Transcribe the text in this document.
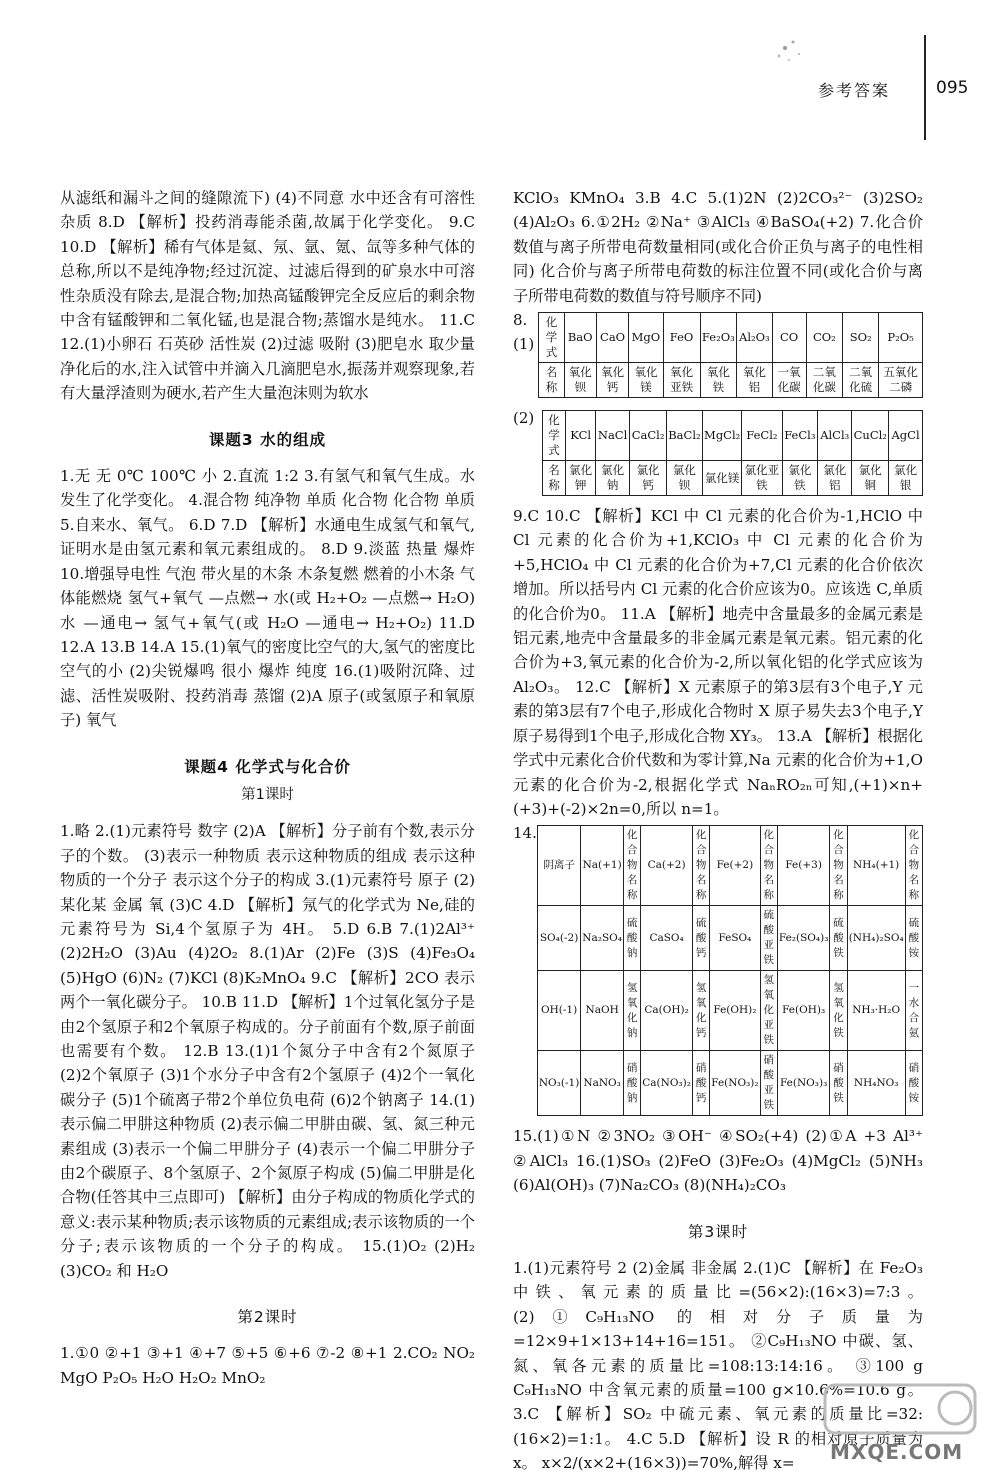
参考答案	095

从滤纸和漏斗之间的缝隙流下) (4)不同意 水中还含有可溶性杂质 8.D 【解析】投药消毒能杀菌,故属于化学变化。 9.C 10.D 【解析】稀有气体是氦、氖、氩、氪、氙等多种气体的总称,所以不是纯净物;经过沉淀、过滤后得到的矿泉水中可溶性杂质没有除去,是混合物;加热高锰酸钾完全反应后的剩余物中含有锰酸钾和二氧化锰,也是混合物;蒸馏水是纯水。 11.C 12.(1)小卵石 石英砂 活性炭 (2)过滤 吸附 (3)肥皂水 取少量净化后的水,注入试管中并滴入几滴肥皂水,振荡并观察现象,若有大量浮渣则为硬水,若产生大量泡沫则为软水

课题3 水的组成

1.无 无 0℃ 100℃ 小 2.直流 1:2 3.有氢气和氧气生成。水发生了化学变化。 4.混合物 纯净物 单质 化合物 化合物 单质 5.自来水、氧气。 6.D 7.D 【解析】水通电生成氢气和氧气,证明水是由氢元素和氧元素组成的。 8.D 9.淡蓝 热量 爆炸 10.增强导电性 气泡 带火星的木条 木条复燃 燃着的小木条 气体能燃烧 氢气+氧气 —点燃→ 水(或 H₂+O₂ —点燃→ H₂O) 水 —通电→ 氢气+氧气(或 H₂O —通电→ H₂+O₂) 11.D 12.A 13.B 14.A 15.(1)氧气的密度比空气的大,氢气的密度比空气的小 (2)尖锐爆鸣 很小 爆炸 纯度 16.(1)吸附沉降、过滤、活性炭吸附、投药消毒 蒸馏 (2)A 原子(或氢原子和氧原子) 氧气

课题4 化学式与化合价
第1课时

1.略 2.(1)元素符号 数字 (2)A 【解析】分子前有个数,表示分子的个数。 (3)表示一种物质 表示这种物质的组成 表示这种物质的一个分子 表示这个分子的构成 3.(1)元素符号 原子 (2)某化某 金属 氧 (3)C 4.D 【解析】氖气的化学式为 Ne,硅的元素符号为 Si,4个氢原子为 4H。 5.D 6.B 7.(1)2Al³⁺ (2)2H₂O (3)Au (4)2O₂ 8.(1)Ar (2)Fe (3)S (4)Fe₃O₄ (5)HgO (6)N₂ (7)KCl (8)K₂MnO₄ 9.C 【解析】2CO 表示两个一氧化碳分子。 10.B 11.D 【解析】1个过氧化氢分子是由2个氢原子和2个氧原子构成的。分子前面有个数,原子前面也需要有个数。 12.B 13.(1)1个氮分子中含有2个氮原子 (2)2个氧原子 (3)1个水分子中含有2个氢原子 (4)2个一氧化碳分子 (5)1个硫离子带2个单位负电荷 (6)2个钠离子 14.(1)表示偏二甲肼这种物质 (2)表示偏二甲肼由碳、氢、氮三种元素组成 (3)表示一个偏二甲肼分子 (4)表示一个偏二甲肼分子由2个碳原子、8个氢原子、2个氮原子构成 (5)偏二甲肼是化合物(任答其中三点即可) 【解析】由分子构成的物质化学式的意义:表示某种物质;表示该物质的元素组成;表示该物质的一个分子;表示该物质的一个分子的构成。 15.(1)O₂ (2)H₂ (3)CO₂ 和 H₂O

第2课时

1.①0 ②+1 ③+1 ④+7 ⑤+5 ⑥+6 ⑦-2 ⑧+1 2.CO₂ NO₂ MgO P₂O₅ H₂O H₂O₂ MnO₂

KClO₃ KMnO₄ 3.B 4.C 5.(1)2N (2)2CO₃²⁻ (3)2SO₂ (4)Al₂O₃ 6.①2H₂ ②Na⁺ ③AlCl₃ ④BaSO₄(+2) 7.化合价数值与离子所带电荷数量相同(或化合价正负与离子的电性相同) 化合价与离子所带电荷数的标注位置不同(或化合价与离子所带电荷数的数值与符号顺序不同)

8.(1)
化学式	BaO	CaO	MgO	FeO	Fe₂O₃	Al₂O₃	CO	CO₂	SO₂	P₂O₅
名称	氧化钡	氧化钙	氧化镁	氧化亚铁	氧化铁	氧化铝	一氧化碳	二氧化碳	二氧化硫	五氧化二磷
(2)	化学式	KCl	NaCl	CaCl₂	BaCl₂	MgCl₂	FeCl₂	FeCl₃	AlCl₃	CuCl₂	AgCl
名称	氯化钾	氯化钠	氯化钙	氯化钡	氯化镁	氯化亚铁	氯化铁	氯化铝	氯化铜	氯化银

9.C 10.C 【解析】KCl 中 Cl 元素的化合价为-1,HClO 中 Cl 元素的化合价为+1,KClO₃ 中 Cl 元素的化合价为+5,HClO₄ 中 Cl 元素的化合价为+7,Cl 元素的化合价依次增加。所以括号内 Cl 元素的化合价应该为0。应该选 C,单质的化合价为0。 11.A 【解析】地壳中含量最多的金属元素是铝元素,地壳中含量最多的非金属元素是氧元素。铝元素的化合价为+3,氧元素的化合价为-2,所以氧化铝的化学式应该为 Al₂O₃。 12.C 【解析】X 元素原子的第3层有3个电子,Y 元素的第3层有7个电子,形成化合物时 X 原子易失去3个电子,Y 原子易得到1个电子,形成化合物 XY₃。 13.A 【解析】根据化学式中元素化合价代数和为零计算,Na 元素的化合价为+1,O 元素的化合价为-2,根据化学式 NaₙRO₂ₙ可知,(+1)×n+(+3)+(-2)×2n=0,所以 n=1。

14.
阴离子	Na(+1)	化合物名称	Ca(+2)	化合物名称	Fe(+2)	化合物名称	Fe(+3)	化合物名称	NH₄(+1)	化合物名称
SO₄(-2)	Na₂SO₄	硫酸钠	CaSO₄	硫酸钙	FeSO₄	硫酸亚铁	Fe₂(SO₄)₃	硫酸铁	(NH₄)₂SO₄	硫酸铵
OH(-1)	NaOH	氢氧化钠	Ca(OH)₂	氢氧化钙	Fe(OH)₂	氢氧化亚铁	Fe(OH)₃	氢氧化铁	NH₃·H₂O	一水合氨
NO₃(-1)	NaNO₃	硝酸钠	Ca(NO₃)₂	硝酸钙	Fe(NO₃)₂	硝酸亚铁	Fe(NO₃)₃	硝酸铁	NH₄NO₃	硝酸铵

15.(1)①N ②3NO₂ ③OH⁻ ④SO₂(+4) (2)①A +3 Al³⁺ ②AlCl₃ 16.(1)SO₃ (2)FeO (3)Fe₂O₃ (4)MgCl₂ (5)NH₃ (6)Al(OH)₃ (7)Na₂CO₃ (8)(NH₄)₂CO₃

第3课时

1.(1)元素符号 2 (2)金属 非金属 2.(1)C 【解析】在 Fe₂O₃ 中铁、氧元素的质量比=(56×2):(16×3)=7:3。 (2)①C₉H₁₃NO 的相对分子质量为=12×9+1×13+14+16=151。 ②C₉H₁₃NO 中碳、氢、氮、氧各元素的质量比=108:13:14:16。 ③100 g C₉H₁₃NO 中含氧元素的质量=100 g×10.6%=10.6 g。 3.C 【解析】SO₂ 中硫元素、氧元素的质量比=32:(16×2)=1:1。 4.C 5.D 【解析】设 R 的相对原子质量为 x。 x×2/(x×2+(16×3))=70%,解得 x=	MXQE.COM
